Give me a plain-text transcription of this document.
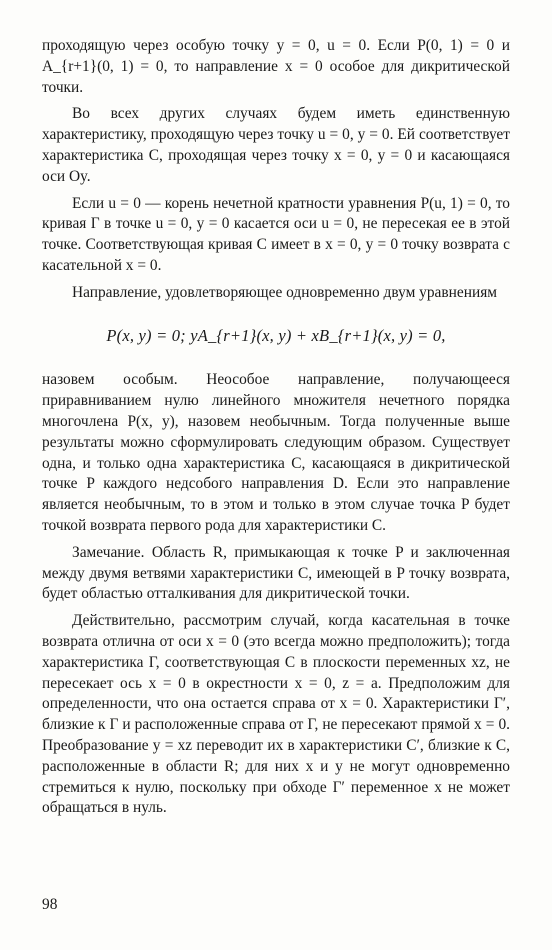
проходящую через особую точку y = 0, u = 0. Если P(0, 1) = 0 и A_{r+1}(0, 1) = 0, то направление x = 0 особое для дикритической точки.

Во всех других случаях будем иметь единственную характеристику, проходящую через точку u = 0, y = 0. Ей соответствует характеристика C, проходящая через точку x = 0, y = 0 и касающаяся оси Oy.

Если u = 0 — корень нечетной кратности уравнения P(u, 1) = 0, то кривая Γ в точке u = 0, y = 0 касается оси u = 0, не пересекая ее в этой точке. Соответствующая кривая C имеет в x = 0, y = 0 точку возврата с касательной x = 0.

Направление, удовлетворяющее одновременно двум уравнениям

P(x, y) = 0; yA_{r+1}(x, y) + xB_{r+1}(x, y) = 0,

назовем особым. Неособое направление, получающееся приравниванием нулю линейного множителя нечетного порядка многочлена P(x, y), назовем необычным. Тогда полученные выше результаты можно сформулировать следующим образом. Существует одна, и только одна характеристика C, касающаяся в дикритической точке P каждого недсобого направления D. Если это направление является необычным, то в этом и только в этом случае точка P будет точкой возврата первого рода для характеристики C.

Замечание. Область R, примыкающая к точке P и заключенная между двумя ветвями характеристики C, имеющей в P точку возврата, будет областью отталкивания для дикритической точки.

Действительно, рассмотрим случай, когда касательная в точке возврата отлична от оси x = 0 (это всегда можно предположить); тогда характеристика Γ, соответствующая C в плоскости переменных xz, не пересекает ось x = 0 в окрестности x = 0, z = a. Предположим для определенности, что она остается справа от x = 0. Характеристики Γ′, близкие к Γ и расположенные справа от Γ, не пересекают прямой x = 0. Преобразование y = xz переводит их в характеристики C′, близкие к C, расположенные в области R; для них x и y не могут одновременно стремиться к нулю, поскольку при обходе Γ′ переменное x не может обращаться в нуль.

98
